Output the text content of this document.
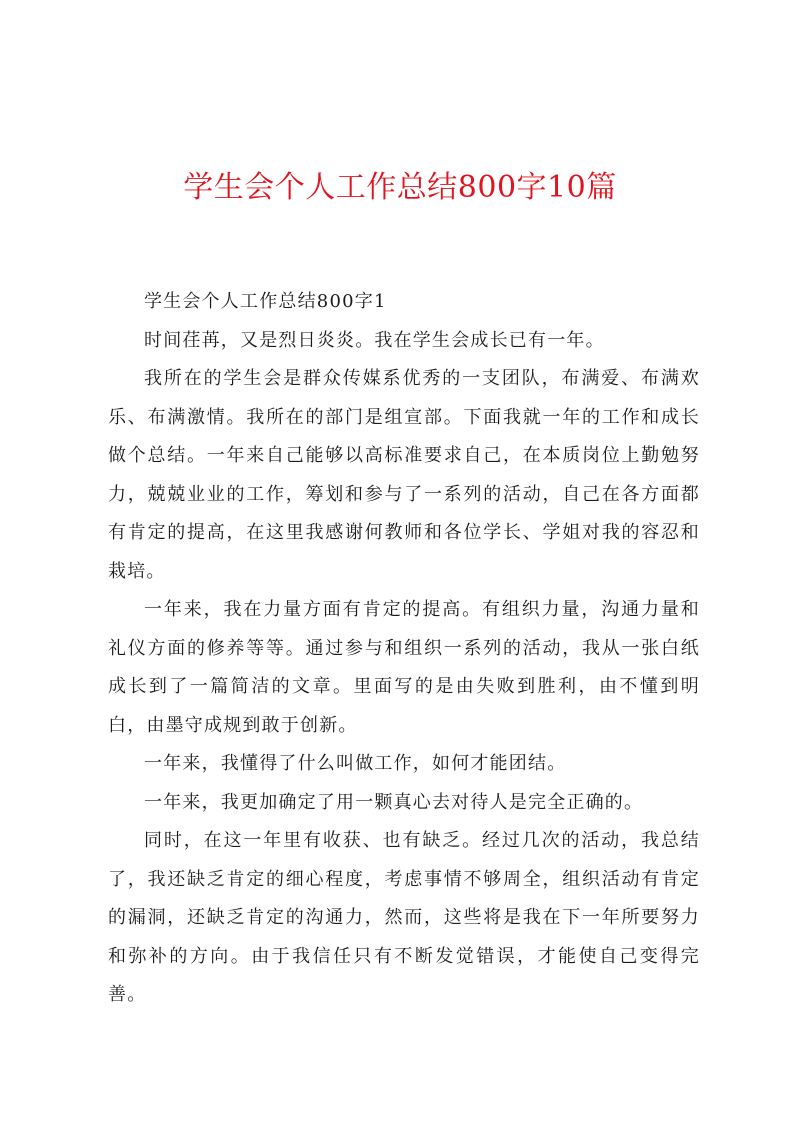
学生会个人工作总结800字10篇

学生会个人工作总结800字1

时间荏苒，又是烈日炎炎。我在学生会成长已有一年。

我所在的学生会是群众传媒系优秀的一支团队，布满爱、布满欢乐、布满激情。我所在的部门是组宣部。下面我就一年的工作和成长做个总结。一年来自己能够以高标准要求自己，在本质岗位上勤勉努力，兢兢业业的工作，筹划和参与了一系列的活动，自己在各方面都有肯定的提高，在这里我感谢何教师和各位学长、学姐对我的容忍和栽培。

一年来，我在力量方面有肯定的提高。有组织力量，沟通力量和礼仪方面的修养等等。通过参与和组织一系列的活动，我从一张白纸成长到了一篇简洁的文章。里面写的是由失败到胜利，由不懂到明白，由墨守成规到敢于创新。

一年来，我懂得了什么叫做工作，如何才能团结。

一年来，我更加确定了用一颗真心去对待人是完全正确的。

同时，在这一年里有收获、也有缺乏。经过几次的活动，我总结了，我还缺乏肯定的细心程度，考虑事情不够周全，组织活动有肯定的漏洞，还缺乏肯定的沟通力，然而，这些将是我在下一年所要努力和弥补的方向。由于我信任只有不断发觉错误，才能使自己变得完善。
